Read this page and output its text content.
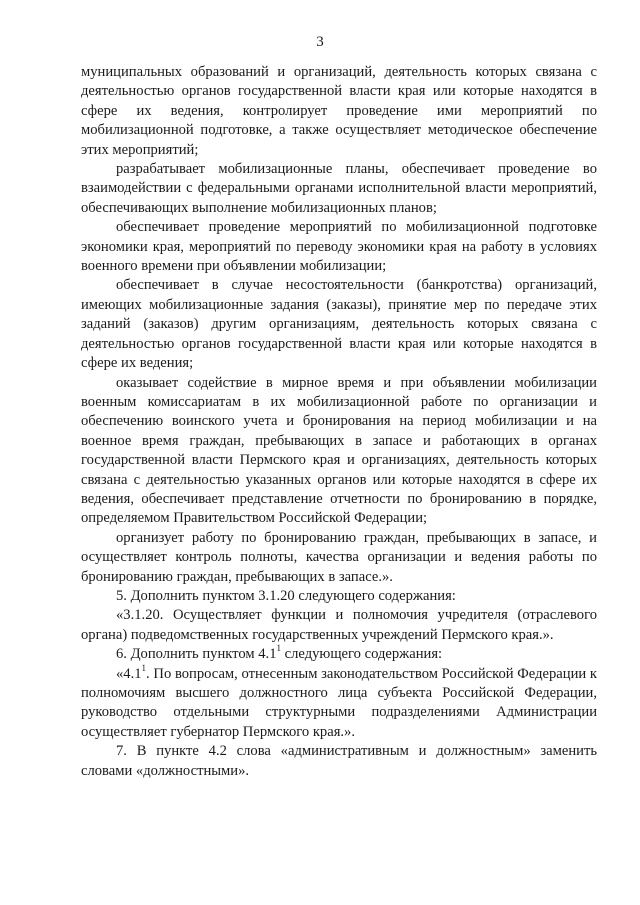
3

муниципальных образований и организаций, деятельность которых связана с деятельностью органов государственной власти края или которые находятся в сфере их ведения, контролирует проведение ими мероприятий по мобилизационной подготовке, а также осуществляет методическое обеспечение этих мероприятий;

разрабатывает мобилизационные планы, обеспечивает проведение во взаимодействии с федеральными органами исполнительной власти мероприятий, обеспечивающих выполнение мобилизационных планов;

обеспечивает проведение мероприятий по мобилизационной подготовке экономики края, мероприятий по переводу экономики края на работу в условиях военного времени при объявлении мобилизации;

обеспечивает в случае несостоятельности (банкротства) организаций, имеющих мобилизационные задания (заказы), принятие мер по передаче этих заданий (заказов) другим организациям, деятельность которых связана с деятельностью органов государственной власти края или которые находятся в сфере их ведения;

оказывает содействие в мирное время и при объявлении мобилизации военным комиссариатам в их мобилизационной работе по организации и обеспечению воинского учета и бронирования на период мобилизации и на военное время граждан, пребывающих в запасе и работающих в органах государственной власти Пермского края и организациях, деятельность которых связана с деятельностью указанных органов или которые находятся в сфере их ведения, обеспечивает представление отчетности по бронированию в порядке, определяемом Правительством Российской Федерации;

организует работу по бронированию граждан, пребывающих в запасе, и осуществляет контроль полноты, качества организации и ведения работы по бронированию граждан, пребывающих в запасе.».

5. Дополнить пунктом 3.1.20 следующего содержания:

«3.1.20. Осуществляет функции и полномочия учредителя (отраслевого органа) подведомственных государственных учреждений Пермского края.».

6. Дополнить пунктом $4.1^1$ следующего содержания:

«$4.1^1$. По вопросам, отнесенным законодательством Российской Федерации к полномочиям высшего должностного лица субъекта Российской Федерации, руководство отдельными структурными подразделениями Администрации осуществляет губернатор Пермского края.».

7. В пункте 4.2 слова «административным и должностным» заменить словами «должностными».
